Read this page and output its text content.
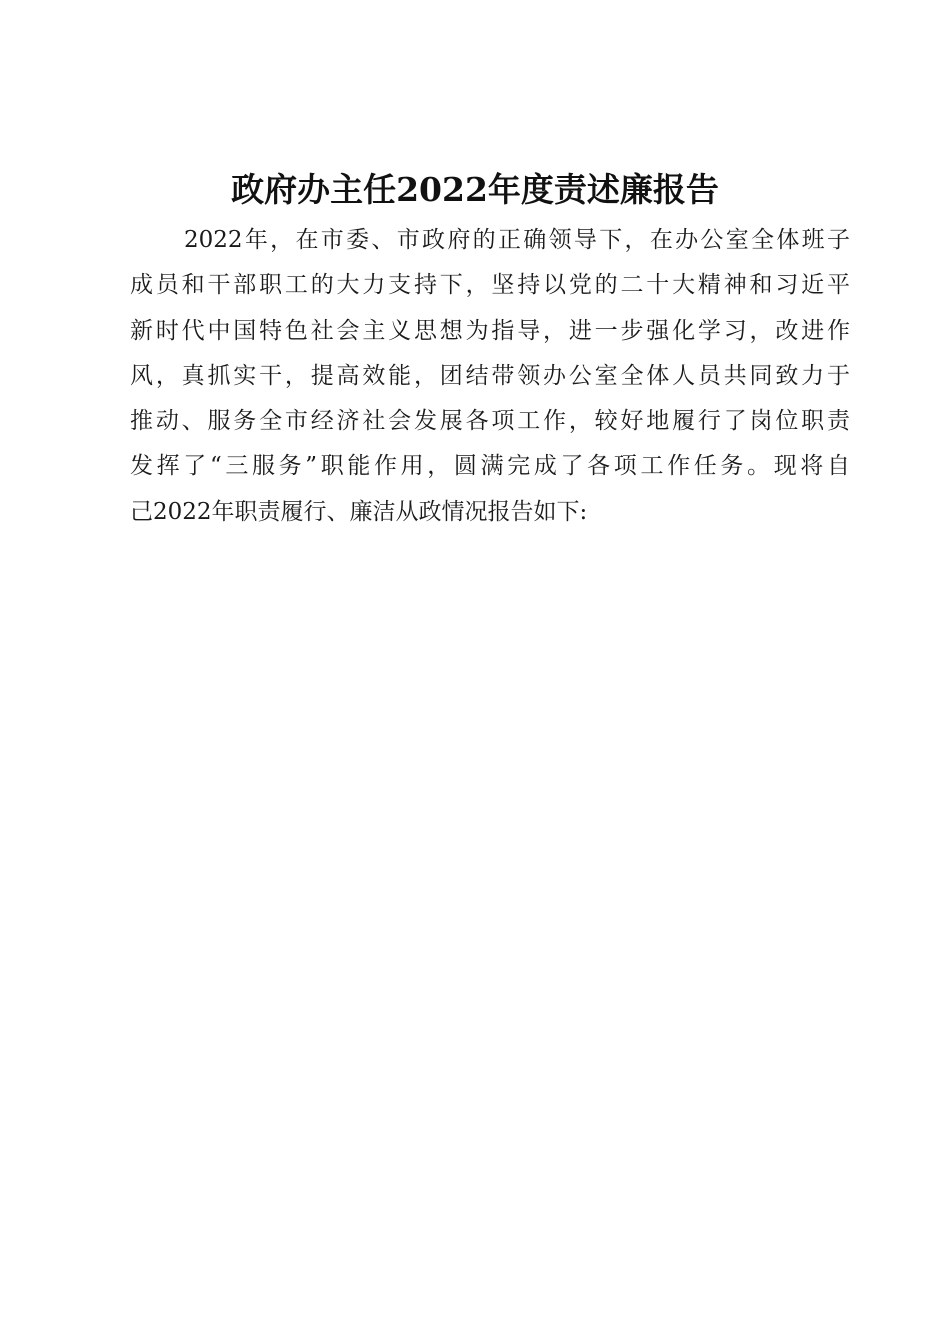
政府办主任2022年度责述廉报告
2022年，在市委、市政府的正确领导下，在办公室全体班子
成员和干部职工的大力支持下，坚持以党的二十大精神和习近平
新时代中国特色社会主义思想为指导，进一步强化学习，改进作
风，真抓实干，提高效能，团结带领办公室全体人员共同致力于
推动、服务全市经济社会发展各项工作，较好地履行了岗位职责
发挥了“三服务”职能作用，圆满完成了各项工作任务。现将自
己2022年职责履行、廉洁从政情况报告如下:
